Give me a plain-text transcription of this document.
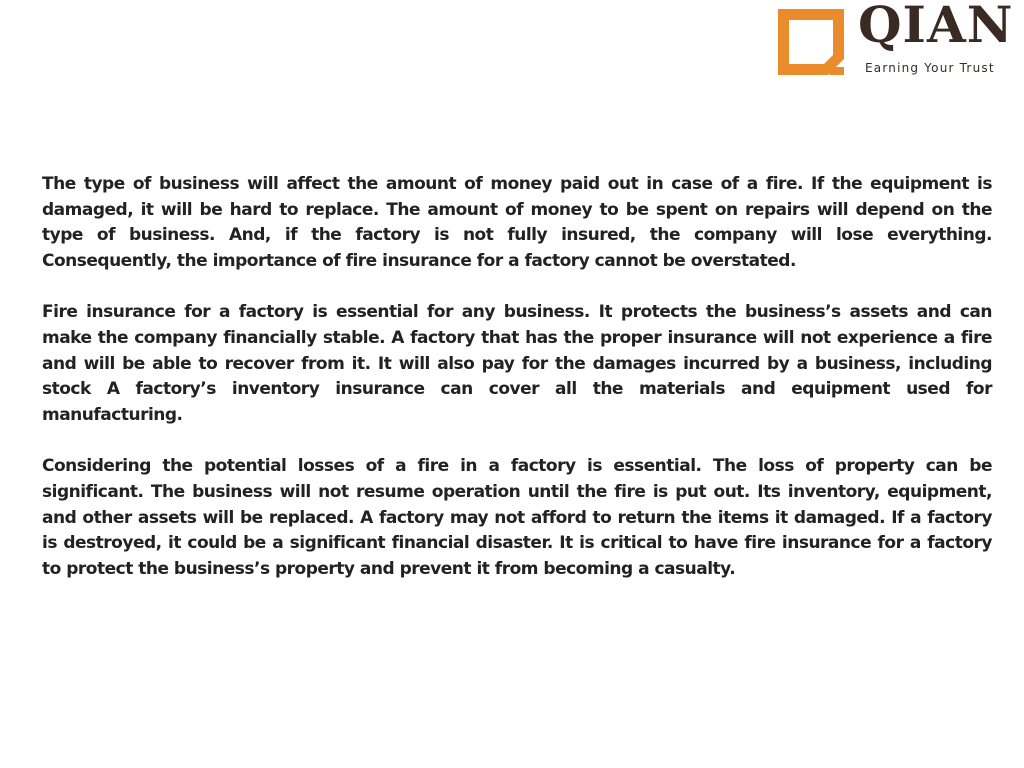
QIAN
Earning Your Trust

The type of business will affect the amount of money paid out in case of a fire. If the equipment is damaged, it will be hard to replace. The amount of money to be spent on repairs will depend on the type of business. And, if the factory is not fully insured, the company will lose everything. Consequently, the importance of fire insurance for a factory cannot be overstated.

Fire insurance for a factory is essential for any business. It protects the business’s assets and can make the company financially stable. A factory that has the proper insurance will not experience a fire and will be able to recover from it. It will also pay for the damages incurred by a business, including stock A factory’s inventory insurance can cover all the materials and equipment used for manufacturing.

Considering the potential losses of a fire in a factory is essential. The loss of property can be significant. The business will not resume operation until the fire is put out. Its inventory, equipment, and other assets will be replaced. A factory may not afford to return the items it damaged. If a factory is destroyed, it could be a significant financial disaster. It is critical to have fire insurance for a factory to protect the business’s property and prevent it from becoming a casualty.
